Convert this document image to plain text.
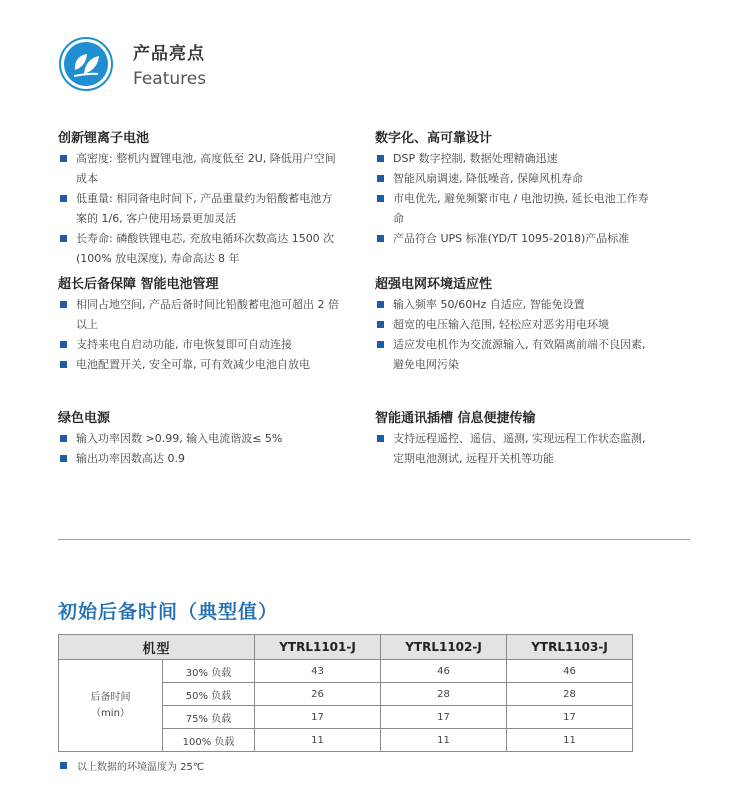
产品亮点
Features
创新锂离子电池
高密度: 整机内置锂电池, 高度低至 2U, 降低用户空间成本
低重量: 相同备电时间下, 产品重量约为铅酸蓄电池方案的 1/6, 客户使用场景更加灵活
长寿命: 磷酸铁锂电芯, 充放电循环次数高达 1500 次(100% 放电深度), 寿命高达 8 年
数字化、高可靠设计
DSP 数字控制, 数据处理精确迅速
智能风扇调速, 降低噪音, 保障风机寿命
市电优先, 避免频繁市电 / 电池切换, 延长电池工作寿命
产品符合 UPS 标准(YD/T 1095-2018)产品标准
超长后备保障 智能电池管理
相同占地空间, 产品后备时间比铅酸蓄电池可超出 2 倍以上
支持来电自启动功能, 市电恢复即可自动连接
电池配置开关, 安全可靠, 可有效减少电池自放电
超强电网环境适应性
输入频率 50/60Hz 自适应, 智能免设置
超宽的电压输入范围, 轻松应对恶劣用电环境
适应发电机作为交流源输入, 有效隔离前端不良因素, 避免电网污染
绿色电源
输入功率因数 >0.99, 输入电流谐波≤ 5%
输出功率因数高达 0.9
智能通讯插槽 信息便捷传输
支持远程遥控、遥信、遥测, 实现远程工作状态监测, 定期电池测试, 远程开关机等功能
初始后备时间（典型值）
机型		YTRL1101-J	YTRL1102-J	YTRL1103-J
后备时间
（min）	30% 负载	43	46	46
	50% 负载	26	28	28
	75% 负载	17	17	17
	100% 负载	11	11	11
以上数据的环境温度为 25℃
